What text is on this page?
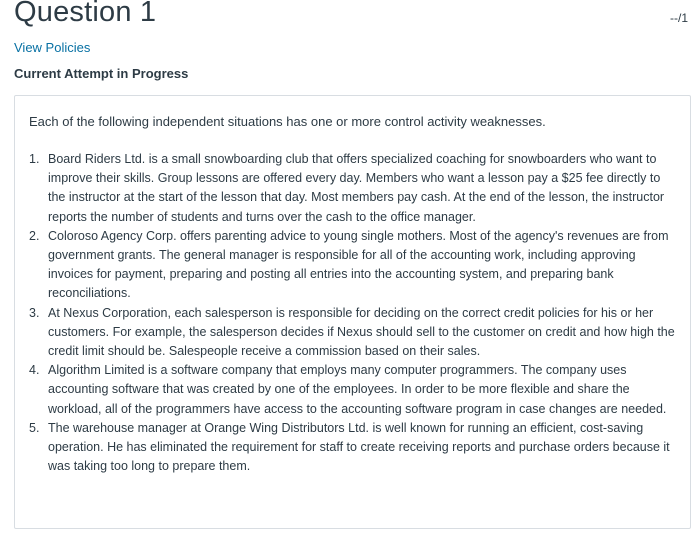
Question 1	--/1
View Policies
Current Attempt in Progress

Each of the following independent situations has one or more control activity weaknesses.

1. Board Riders Ltd. is a small snowboarding club that offers specialized coaching for snowboarders who want to improve their skills. Group lessons are offered every day. Members who want a lesson pay a $25 fee directly to the instructor at the start of the lesson that day. Most members pay cash. At the end of the lesson, the instructor reports the number of students and turns over the cash to the office manager.
2. Coloroso Agency Corp. offers parenting advice to young single mothers. Most of the agency's revenues are from government grants. The general manager is responsible for all of the accounting work, including approving invoices for payment, preparing and posting all entries into the accounting system, and preparing bank reconciliations.
3. At Nexus Corporation, each salesperson is responsible for deciding on the correct credit policies for his or her customers. For example, the salesperson decides if Nexus should sell to the customer on credit and how high the credit limit should be. Salespeople receive a commission based on their sales.
4. Algorithm Limited is a software company that employs many computer programmers. The company uses accounting software that was created by one of the employees. In order to be more flexible and share the workload, all of the programmers have access to the accounting software program in case changes are needed.
5. The warehouse manager at Orange Wing Distributors Ltd. is well known for running an efficient, cost-saving operation. He has eliminated the requirement for staff to create receiving reports and purchase orders because it was taking too long to prepare them.
